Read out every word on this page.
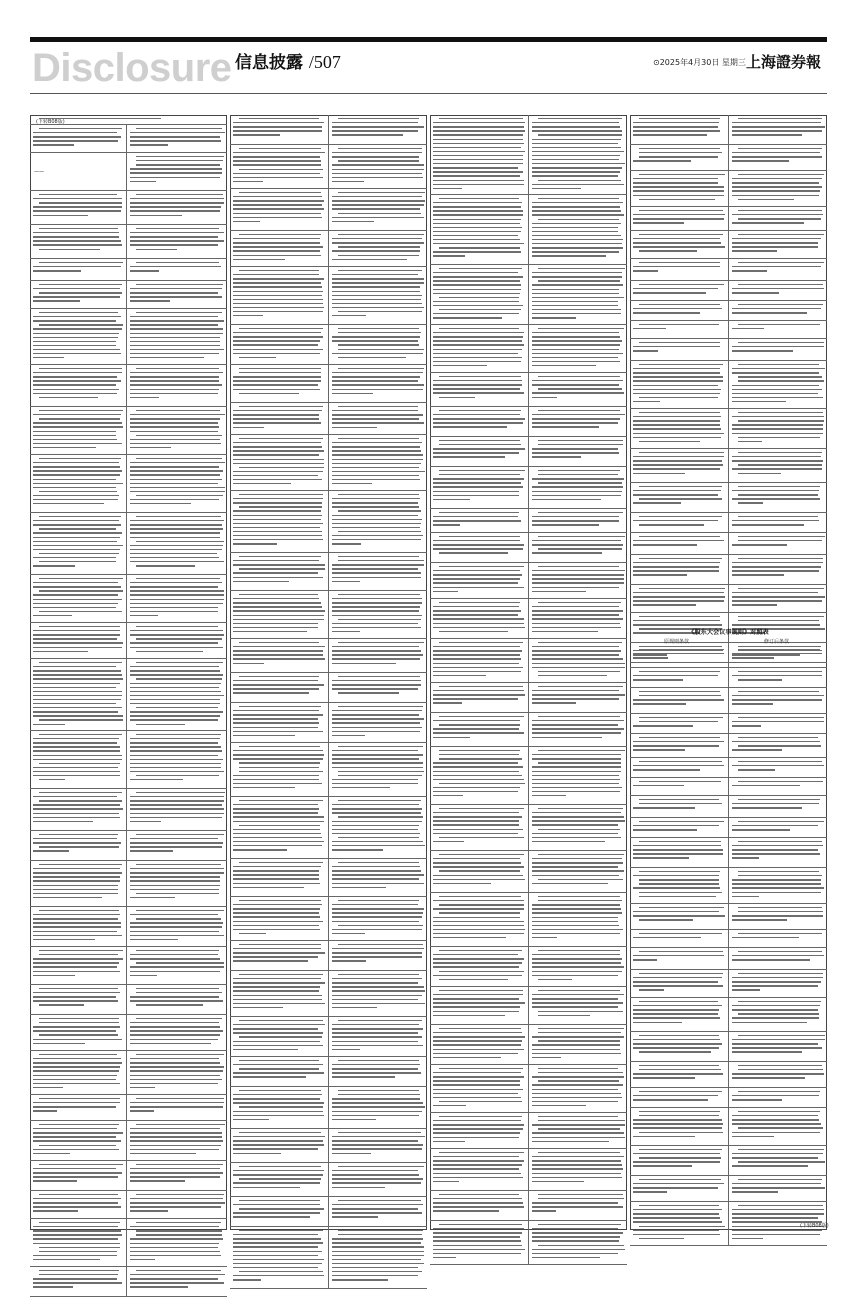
Disclosure 信息披露 /507	⊙2025年4月30日 星期三 上海證券報
(下转B08版)
——
《股东大会议事规则》对照表
原规则条款	修订后条款
(下转B08版)
